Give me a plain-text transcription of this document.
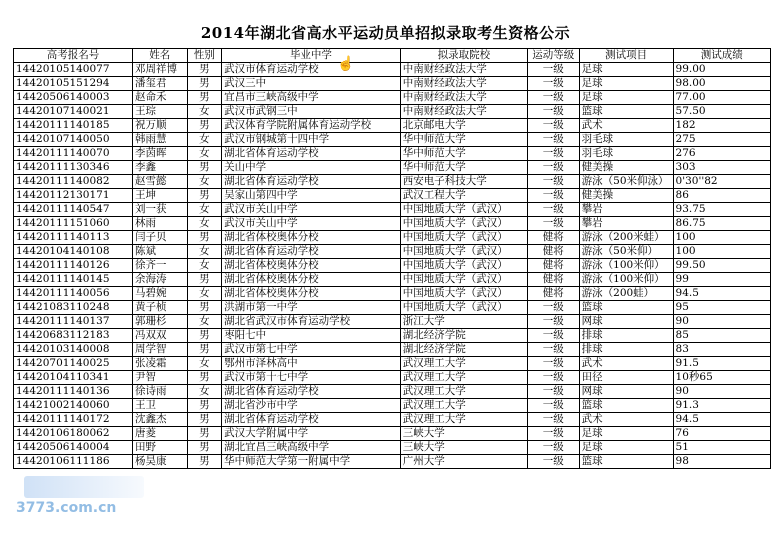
2014年湖北省高水平运动员单招拟录取考生资格公示
高考报名号	姓名	性别	毕业中学	拟录取院校	运动等级	测试项目	测试成绩
14420105140077	邓周祥博	男	武汉市体育运动学校	中南财经政法大学	一级	足球	99.00
14420105151294	潘玺君	男	武汉三中	中南财经政法大学	一级	足球	98.00
14420506140003	赵命禾	男	宜昌市三峡高级中学	中南财经政法大学	一级	足球	77.00
14420107140021	王琮	女	武汉市武钢三中	中南财经政法大学	一级	篮球	57.50
14420111140185	祝万顺	男	武汉体育学院附属体育运动学校	北京邮电大学	一级	武术	182
14420107140050	韩雨慧	女	武汉市钢城第十四中学	华中师范大学	一级	羽毛球	275
14420111140070	李茵晖	女	湖北省体育运动学校	华中师范大学	一级	羽毛球	276
14420111130346	李鑫	男	关山中学	华中师范大学	一级	健美操	303
14420111140082	赵雪懿	女	湖北省体育运动学校	西安电子科技大学	一级	游泳（50米仰泳）	0'30''82
14420112130171	王坤	男	吴家山第四中学	武汉工程大学	一级	健美操	86
14420111140547	刘一获	女	武汉市关山中学	中国地质大学（武汉）	一级	攀岩	93.75
14420111151060	林雨	女	武汉市关山中学	中国地质大学（武汉）	一级	攀岩	86.75
14420111140113	闫子贝	男	湖北省体校奥体分校	中国地质大学（武汉）	健将	游泳（200米蛙）	100
14420104140108	陈斌	女	湖北省体育运动学校	中国地质大学（武汉）	健将	游泳（50米仰）	100
14420111140126	徐齐一	女	湖北省体校奥体分校	中国地质大学（武汉）	健将	游泳（100米仰）	99.50
14420111140145	余海涛	男	湖北省体校奥体分校	中国地质大学（武汉）	健将	游泳（100米仰）	99
14420111140056	马碧婉	女	湖北省体校奥体分校	中国地质大学（武汉）	健将	游泳（200蛙）	94.5
14421083110248	黄子桢	男	洪湖市第一中学	中国地质大学（武汉）	一级	篮球	95
14420111140137	郭珊杉	女	湖北省武汉市体育运动学校	浙江大学	一级	网球	90
14420683112183	冯双双	男	枣阳七中	湖北经济学院	一级	排球	85
14420103140008	周学智	男	武汉市第七中学	湖北经济学院	一级	排球	83
14420701140025	张凌霜	女	鄂州市泽林高中	武汉理工大学	一级	武术	91.5
14420104110341	尹智	男	武汉市第十七中学	武汉理工大学	一级	田径	10秒65
14420111140136	徐诗雨	女	湖北省体育运动学校	武汉理工大学	一级	网球	90
14421002140060	王卫	男	湖北省沙市中学	武汉理工大学	一级	篮球	91.3
14420111140172	沈鑫杰	男	湖北省体育运动学校	武汉理工大学	一级	武术	94.5
14420106180062	唐菱	男	武汉大学附属中学	三峡大学	一级	足球	76
14420506140004	田野	男	湖北宜昌三峡高级中学	三峡大学	一级	足球	51
14420106111186	杨昊康	男	华中师范大学第一附属中学	广州大学	一级	篮球	98
3773.com.cn
☝
